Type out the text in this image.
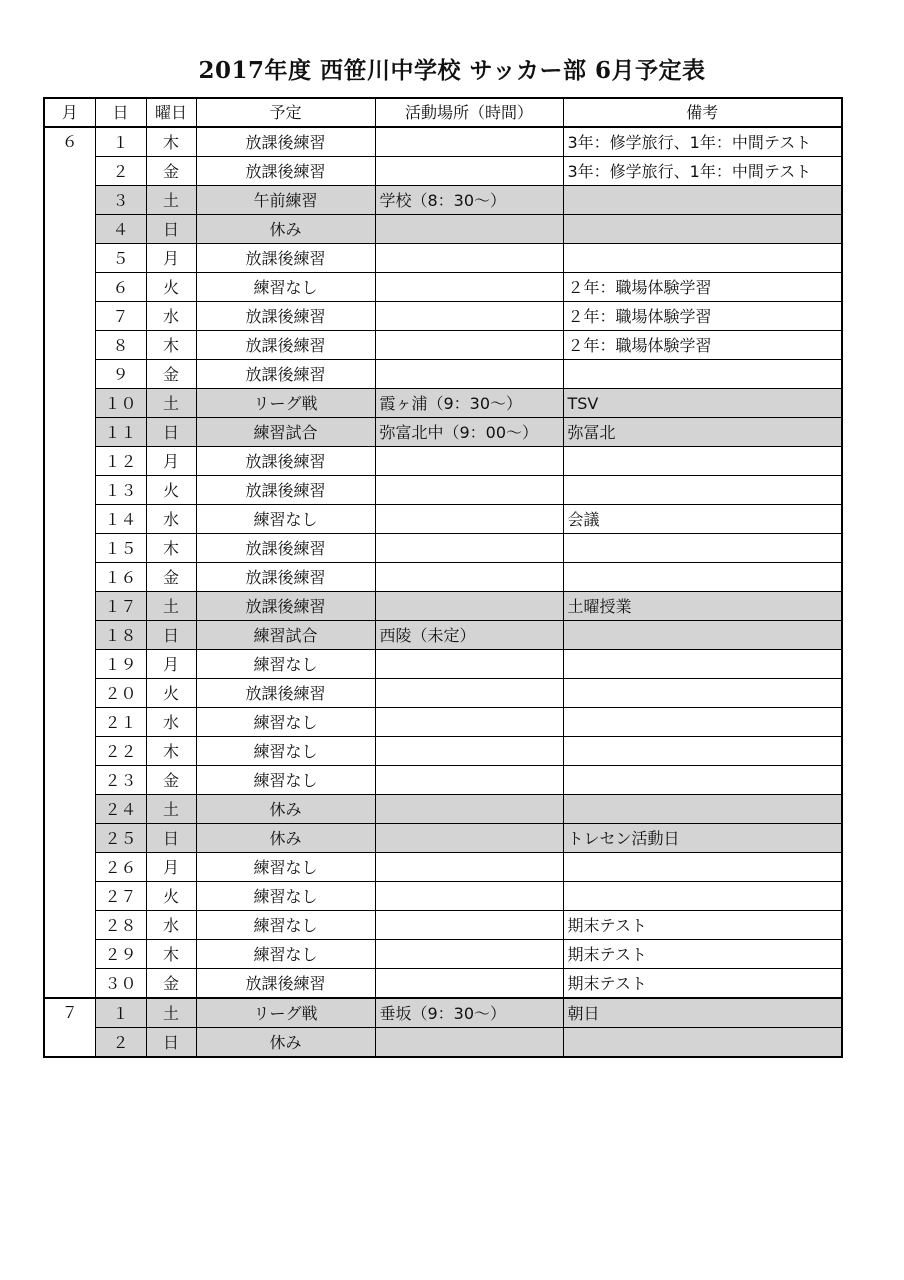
2017年度 西笹川中学校 サッカー部 6月予定表
月	日	曜日	予定	活動場所（時間）	備考
６	１	木	放課後練習		3年：修学旅行、1年：中間テスト
	２	金	放課後練習		3年：修学旅行、1年：中間テスト
	３	土	午前練習	学校（8：30～）	
	４	日	休み		
	５	月	放課後練習		
	６	火	練習なし		２年：職場体験学習
	７	水	放課後練習		２年：職場体験学習
	８	木	放課後練習		２年：職場体験学習
	９	金	放課後練習		
	１０	土	リーグ戦	霞ヶ浦（9：30～）	TSV
	１１	日	練習試合	弥富北中（9：00～）	弥冨北
	１２	月	放課後練習		
	１３	火	放課後練習		
	１４	水	練習なし		会議
	１５	木	放課後練習		
	１６	金	放課後練習		
	１７	土	放課後練習		土曜授業
	１８	日	練習試合	西陵（未定）	
	１９	月	練習なし		
	２０	火	放課後練習		
	２１	水	練習なし		
	２２	木	練習なし		
	２３	金	練習なし		
	２４	土	休み		
	２５	日	休み		トレセン活動日
	２６	月	練習なし		
	２７	火	練習なし		
	２８	水	練習なし		期末テスト
	２９	木	練習なし		期末テスト
	３０	金	放課後練習		期末テスト
７	１	土	リーグ戦	垂坂（9：30～）	朝日
	２	日	休み		
